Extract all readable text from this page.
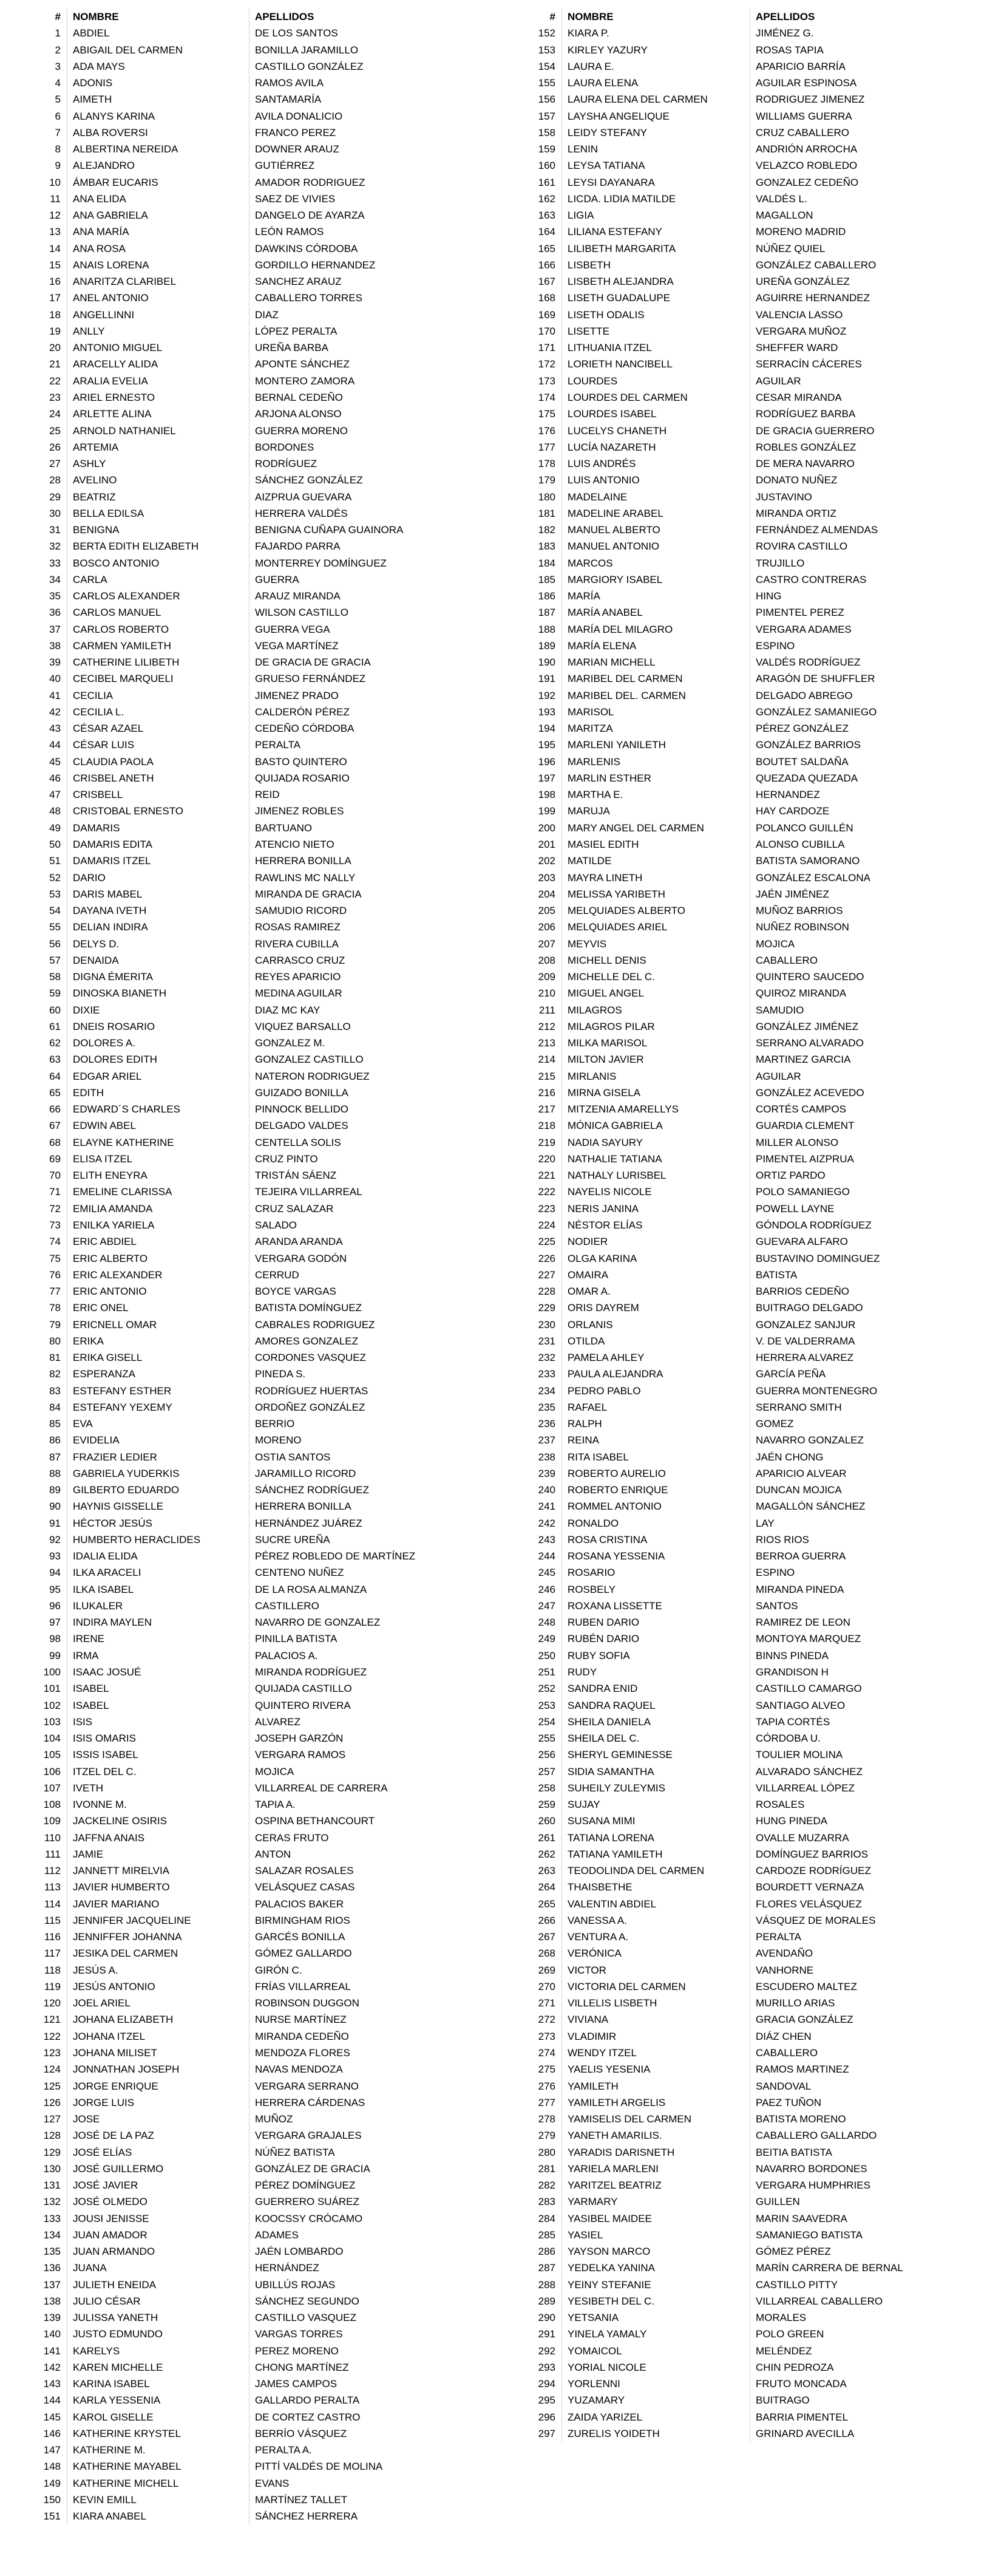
# NOMBRE	APELLIDOS
1 ABDIEL	DE LOS SANTOS
2 ABIGAIL DEL CARMEN	BONILLA JARAMILLO
3 ADA MAYS	CASTILLO GONZÁLEZ
4 ADONIS	RAMOS AVILA
5 AIMETH	SANTAMARÍA
6 ALANYS KARINA	AVILA DONALICIO
7 ALBA ROVERSI	FRANCO PEREZ
8 ALBERTINA NEREIDA	DOWNER ARAUZ
9 ALEJANDRO	GUTIÉRREZ
10 ÁMBAR EUCARIS	AMADOR RODRIGUEZ
11 ANA ELIDA	SAEZ DE VIVIES
12 ANA GABRIELA	DANGELO DE AYARZA
13 ANA MARÍA	LEÓN RAMOS
14 ANA ROSA	DAWKINS CÓRDOBA
15 ANAIS LORENA	GORDILLO HERNANDEZ
16 ANARITZA CLARIBEL	SANCHEZ ARAUZ
17 ANEL ANTONIO	CABALLERO TORRES
18 ANGELLINNI	DIAZ
19 ANLLY	LÓPEZ PERALTA
20 ANTONIO MIGUEL	UREÑA BARBA
21 ARACELLY ALIDA	APONTE SÁNCHEZ
22 ARALIA EVELIA	MONTERO ZAMORA
23 ARIEL ERNESTO	BERNAL CEDEÑO
24 ARLETTE ALINA	ARJONA ALONSO
25 ARNOLD NATHANIEL	GUERRA MORENO
26 ARTEMIA	BORDONES
27 ASHLY	RODRÍGUEZ
28 AVELINO	SÁNCHEZ GONZÁLEZ
29 BEATRIZ	AIZPRUA GUEVARA
30 BELLA EDILSA	HERRERA VALDÉS
31 BENIGNA	BENIGNA CUÑAPA GUAINORA
32 BERTA EDITH ELIZABETH	FAJARDO PARRA
33 BOSCO ANTONIO	MONTERREY DOMÍNGUEZ
34 CARLA	GUERRA
35 CARLOS ALEXANDER	ARAUZ MIRANDA
36 CARLOS MANUEL	WILSON CASTILLO
37 CARLOS ROBERTO	GUERRA VEGA
38 CARMEN YAMILETH	VEGA MARTÍNEZ
39 CATHERINE LILIBETH	DE GRACIA DE GRACIA
40 CECIBEL MARQUELI	GRUESO FERNÁNDEZ
41 CECILIA	JIMENEZ PRADO
42 CECILIA L.	CALDERÓN PÉREZ
43 CÉSAR AZAEL	CEDEÑO CÓRDOBA
44 CÉSAR LUIS	PERALTA
45 CLAUDIA PAOLA	BASTO QUINTERO
46 CRISBEL ANETH	QUIJADA ROSARIO
47 CRISBELL	REID
48 CRISTOBAL ERNESTO	JIMENEZ ROBLES
49 DAMARIS	BARTUANO
50 DAMARIS EDITA	ATENCIO NIETO
51 DAMARIS ITZEL	HERRERA BONILLA
52 DARIO	RAWLINS MC NALLY
53 DARIS MABEL	MIRANDA DE GRACIA
54 DAYANA IVETH	SAMUDIO RICORD
55 DELIAN INDIRA	ROSAS RAMIREZ
56 DELYS D.	RIVERA CUBILLA
57 DENAIDA	CARRASCO CRUZ
58 DIGNA ÉMERITA	REYES APARICIO
59 DINOSKA BIANETH	MEDINA AGUILAR
60 DIXIE	DIAZ MC KAY
61 DNEIS ROSARIO	VIQUEZ BARSALLO
62 DOLORES A.	GONZALEZ M.
63 DOLORES EDITH	GONZALEZ CASTILLO
64 EDGAR ARIEL	NATERON RODRIGUEZ
65 EDITH	GUIZADO BONILLA
66 EDWARD´S CHARLES	PINNOCK BELLIDO
67 EDWIN ABEL	DELGADO VALDES
68 ELAYNE KATHERINE	CENTELLA SOLIS
69 ELISA ITZEL	CRUZ PINTO
70 ELITH ENEYRA	TRISTÁN SÁENZ
71 EMELINE CLARISSA	TEJEIRA VILLARREAL
72 EMILIA AMANDA	CRUZ SALAZAR
73 ENILKA YARIELA	SALADO
74 ERIC ABDIEL	ARANDA ARANDA
75 ERIC ALBERTO	VERGARA GODÓN
76 ERIC ALEXANDER	CERRUD
77 ERIC ANTONIO	BOYCE VARGAS
78 ERIC ONEL	BATISTA DOMÍNGUEZ
79 ERICNELL OMAR	CABRALES RODRIGUEZ
80 ERIKA	AMORES GONZALEZ
81 ERIKA GISELL	CORDONES VASQUEZ
82 ESPERANZA	PINEDA S.
83 ESTEFANY ESTHER	RODRÍGUEZ HUERTAS
84 ESTEFANY YEXEMY	ORDOÑEZ GONZÁLEZ
85 EVA	BERRIO
86 EVIDELIA	MORENO
87 FRAZIER LEDIER	OSTIA SANTOS
88 GABRIELA YUDERKIS	JARAMILLO RICORD
89 GILBERTO EDUARDO	SÁNCHEZ RODRÍGUEZ
90 HAYNIS GISSELLE	HERRERA BONILLA
91 HÉCTOR JESÚS	HERNÁNDEZ JUÁREZ
92 HUMBERTO HERACLIDES	SUCRE UREÑA
93 IDALIA ELIDA	PÉREZ ROBLEDO DE MARTÍNEZ
94 ILKA ARACELI	CENTENO NUÑEZ
95 ILKA ISABEL	DE LA ROSA ALMANZA
96 ILUKALER	CASTILLERO
97 INDIRA MAYLEN	NAVARRO DE GONZALEZ
98 IRENE	PINILLA BATISTA
99 IRMA	PALACIOS A.
100 ISAAC JOSUÉ	MIRANDA RODRÍGUEZ
101 ISABEL	QUIJADA CASTILLO
102 ISABEL	QUINTERO RIVERA
103 ISIS	ALVAREZ
104 ISIS OMARIS	JOSEPH GARZÓN
105 ISSIS ISABEL	VERGARA RAMOS
106 ITZEL DEL C.	MOJICA
107 IVETH	VILLARREAL DE CARRERA
108 IVONNE M.	TAPIA A.
109 JACKELINE OSIRIS	OSPINA BETHANCOURT
110 JAFFNA ANAIS	CERAS FRUTO
111 JAMIE	ANTON
112 JANNETT MIRELVIA	SALAZAR ROSALES
113 JAVIER HUMBERTO	VELÁSQUEZ CASAS
114 JAVIER MARIANO	PALACIOS BAKER
115 JENNIFER JACQUELINE	BIRMINGHAM RIOS
116 JENNIFFER JOHANNA	GARCÉS BONILLA
117 JESIKA DEL CARMEN	GÓMEZ GALLARDO
118 JESÚS A.	GIRÓN C.
119 JESÚS ANTONIO	FRÍAS VILLARREAL
120 JOEL ARIEL	ROBINSON DUGGON
121 JOHANA ELIZABETH	NURSE MARTÍNEZ
122 JOHANA ITZEL	MIRANDA CEDEÑO
123 JOHANA MILISET	MENDOZA FLORES
124 JONNATHAN JOSEPH	NAVAS MENDOZA
125 JORGE ENRIQUE	VERGARA SERRANO
126 JORGE LUIS	HERRERA CÁRDENAS
127 JOSE	MUÑOZ
128 JOSÉ DE LA PAZ	VERGARA GRAJALES
129 JOSÉ ELÍAS	NÚÑEZ BATISTA
130 JOSÉ GUILLERMO	GONZÁLEZ DE GRACIA
131 JOSÉ JAVIER	PÉREZ DOMÍNGUEZ
132 JOSÉ OLMEDO	GUERRERO SUÁREZ
133 JOUSI JENISSE	KOOCSSY CRÓCAMO
134 JUAN AMADOR	ADAMES
135 JUAN ARMANDO	JAÉN LOMBARDO
136 JUANA	HERNÁNDEZ
137 JULIETH ENEIDA	UBILLÚS ROJAS
138 JULIO CÉSAR	SÁNCHEZ SEGUNDO
139 JULISSA YANETH	CASTILLO VASQUEZ
140 JUSTO EDMUNDO	VARGAS TORRES
141 KARELYS	PEREZ MORENO
142 KAREN MICHELLE	CHONG MARTÍNEZ
143 KARINA ISABEL	JAMES CAMPOS
144 KARLA YESSENIA	GALLARDO PERALTA
145 KAROL GISELLE	DE CORTEZ CASTRO
146 KATHERINE KRYSTEL	BERRÍO VÁSQUEZ
147 KATHERINE M.	PERALTA A.
148 KATHERINE MAYABEL	PITTÍ VALDÉS DE MOLINA
149 KATHERINE MICHELL	EVANS
150 KEVIN EMILL	MARTÍNEZ TALLET
151 KIARA ANABEL	SÁNCHEZ HERRERA
# NOMBRE	APELLIDOS
152 KIARA P.	JIMÉNEZ G.
153 KIRLEY YAZURY	ROSAS TAPIA
154 LAURA E.	APARICIO BARRÍA
155 LAURA ELENA	AGUILAR ESPINOSA
156 LAURA ELENA DEL CARMEN	RODRIGUEZ JIMENEZ
157 LAYSHA ANGELIQUE	WILLIAMS GUERRA
158 LEIDY STEFANY	CRUZ CABALLERO
159 LENIN	ANDRIÓN ARROCHA
160 LEYSA TATIANA	VELAZCO ROBLEDO
161 LEYSI DAYANARA	GONZALEZ CEDEÑO
162 LICDA. LIDIA MATILDE	VALDÉS L.
163 LIGIA	MAGALLON
164 LILIANA ESTEFANY	MORENO MADRID
165 LILIBETH MARGARITA	NÚÑEZ QUIEL
166 LISBETH	GONZÁLEZ CABALLERO
167 LISBETH ALEJANDRA	UREÑA GONZÁLEZ
168 LISETH GUADALUPE	AGUIRRE HERNANDEZ
169 LISETH ODALIS	VALENCIA LASSO
170 LISETTE	VERGARA MUÑOZ
171 LITHUANIA ITZEL	SHEFFER WARD
172 LORIETH NANCIBELL	SERRACÍN CÁCERES
173 LOURDES	AGUILAR
174 LOURDES DEL CARMEN	CESAR MIRANDA
175 LOURDES ISABEL	RODRÍGUEZ BARBA
176 LUCELYS CHANETH	DE GRACIA GUERRERO
177 LUCÍA NAZARETH	ROBLES GONZÁLEZ
178 LUIS ANDRÉS	DE MERA NAVARRO
179 LUIS ANTONIO	DONATO NUÑEZ
180 MADELAINE	JUSTAVINO
181 MADELINE ARABEL	MIRANDA ORTIZ
182 MANUEL ALBERTO	FERNÁNDEZ ALMENDAS
183 MANUEL ANTONIO	ROVIRA CASTILLO
184 MARCOS	TRUJILLO
185 MARGIORY ISABEL	CASTRO CONTRERAS
186 MARÍA	HING
187 MARÍA ANABEL	PIMENTEL PEREZ
188 MARÍA DEL MILAGRO	VERGARA ADAMES
189 MARÍA ELENA	ESPINO
190 MARIAN MICHELL	VALDÉS RODRÍGUEZ
191 MARIBEL DEL CARMEN	ARAGÓN DE SHUFFLER
192 MARIBEL DEL. CARMEN	DELGADO ABREGO
193 MARISOL	GONZÁLEZ SAMANIEGO
194 MARITZA	PÉREZ GONZÁLEZ
195 MARLENI YANILETH	GONZÁLEZ BARRIOS
196 MARLENIS	BOUTET SALDAÑA
197 MARLIN ESTHER	QUEZADA QUEZADA
198 MARTHA E.	HERNANDEZ
199 MARUJA	HAY CARDOZE
200 MARY ANGEL DEL CARMEN	POLANCO GUILLÉN
201 MASIEL EDITH	ALONSO CUBILLA
202 MATILDE	BATISTA SAMORANO
203 MAYRA LINETH	GONZÁLEZ ESCALONA
204 MELISSA YARIBETH	JAÉN JIMÉNEZ
205 MELQUIADES ALBERTO	MUÑOZ BARRIOS
206 MELQUIADES ARIEL	NUÑEZ ROBINSON
207 MEYVIS	MOJICA
208 MICHELL DENIS	CABALLERO
209 MICHELLE DEL C.	QUINTERO SAUCEDO
210 MIGUEL ANGEL	QUIROZ MIRANDA
211 MILAGROS	SAMUDIO
212 MILAGROS PILAR	GONZÁLEZ JIMÉNEZ
213 MILKA MARISOL	SERRANO ALVARADO
214 MILTON JAVIER	MARTINEZ GARCIA
215 MIRLANIS	AGUILAR
216 MIRNA GISELA	GONZÁLEZ ACEVEDO
217 MITZENIA AMARELLYS	CORTÉS CAMPOS
218 MÓNICA GABRIELA	GUARDIA CLEMENT
219 NADIA SAYURY	MILLER ALONSO
220 NATHALIE TATIANA	PIMENTEL AIZPRUA
221 NATHALY LURISBEL	ORTIZ PARDO
222 NAYELIS NICOLE	POLO SAMANIEGO
223 NERIS JANINA	POWELL LAYNE
224 NÉSTOR ELÍAS	GÓNDOLA RODRÍGUEZ
225 NODIER	GUEVARA ALFARO
226 OLGA KARINA	BUSTAVINO DOMINGUEZ
227 OMAIRA	BATISTA
228 OMAR A.	BARRIOS CEDEÑO
229 ORIS DAYREM	BUITRAGO DELGADO
230 ORLANIS	GONZALEZ SANJUR
231 OTILDA	V. DE VALDERRAMA
232 PAMELA AHLEY	HERRERA ALVAREZ
233 PAULA ALEJANDRA	GARCÍA PEÑA
234 PEDRO PABLO	GUERRA MONTENEGRO
235 RAFAEL	SERRANO SMITH
236 RALPH	GOMEZ
237 REINA	NAVARRO GONZALEZ
238 RITA ISABEL	JAÉN CHONG
239 ROBERTO AURELIO	APARICIO ALVEAR
240 ROBERTO ENRIQUE	DUNCAN MOJICA
241 ROMMEL ANTONIO	MAGALLÓN SÁNCHEZ
242 RONALDO	LAY
243 ROSA CRISTINA	RIOS RIOS
244 ROSANA YESSENIA	BERROA GUERRA
245 ROSARIO	ESPINO
246 ROSBELY	MIRANDA PINEDA
247 ROXANA LISSETTE	SANTOS
248 RUBEN DARIO	RAMIREZ DE LEON
249 RUBÉN DARIO	MONTOYA MARQUEZ
250 RUBY SOFIA	BINNS PINEDA
251 RUDY	GRANDISON H
252 SANDRA ENID	CASTILLO CAMARGO
253 SANDRA RAQUEL	SANTIAGO ALVEO
254 SHEILA DANIELA	TAPIA CORTÉS
255 SHEILA DEL C.	CÓRDOBA U.
256 SHERYL GEMINESSE	TOULIER MOLINA
257 SIDIA SAMANTHA	ALVARADO SÁNCHEZ
258 SUHEILY ZULEYMIS	VILLARREAL LÓPEZ
259 SUJAY	ROSALES
260 SUSANA MIMI	HUNG PINEDA
261 TATIANA LORENA	OVALLE MUZARRA
262 TATIANA YAMILETH	DOMÍNGUEZ BARRIOS
263 TEODOLINDA DEL CARMEN	CARDOZE RODRÍGUEZ
264 THAISBETHE	BOURDETT VERNAZA
265 VALENTIN ABDIEL	FLORES VELÁSQUEZ
266 VANESSA A.	VÁSQUEZ DE MORALES
267 VENTURA A.	PERALTA
268 VERÓNICA	AVENDAÑO
269 VICTOR	VANHORNE
270 VICTORIA DEL CARMEN	ESCUDERO MALTEZ
271 VILLELIS LISBETH	MURILLO ARIAS
272 VIVIANA	GRACIA GONZÁLEZ
273 VLADIMIR	DIÁZ CHEN
274 WENDY ITZEL	CABALLERO
275 YAELIS YESENIA	RAMOS MARTINEZ
276 YAMILETH	SANDOVAL
277 YAMILETH ARGELIS	PAEZ TUÑON
278 YAMISELIS DEL CARMEN	BATISTA MORENO
279 YANETH AMARILIS.	CABALLERO GALLARDO
280 YARADIS DARISNETH	BEITIA BATISTA
281 YARIELA MARLENI	NAVARRO BORDONES
282 YARITZEL BEATRIZ	VERGARA HUMPHRIES
283 YARMARY	GUILLEN
284 YASIBEL MAIDEE	MARIN SAAVEDRA
285 YASIEL	SAMANIEGO BATISTA
286 YAYSON MARCO	GÓMEZ PÉREZ
287 YEDELKA YANINA	MARÍN CARRERA DE BERNAL
288 YEINY STEFANIE	CASTILLO PITTY
289 YESIBETH DEL C.	VILLARREAL CABALLERO
290 YETSANIA	MORALES
291 YINELA YAMALY	POLO GREEN
292 YOMAICOL	MELÉNDEZ
293 YORIAL NICOLE	CHIN PEDROZA
294 YORLENNI	FRUTO MONCADA
295 YUZAMARY	BUITRAGO
296 ZAIDA YARIZEL	BARRIA PIMENTEL
297 ZURELIS YOIDETH	GRINARD AVECILLA
